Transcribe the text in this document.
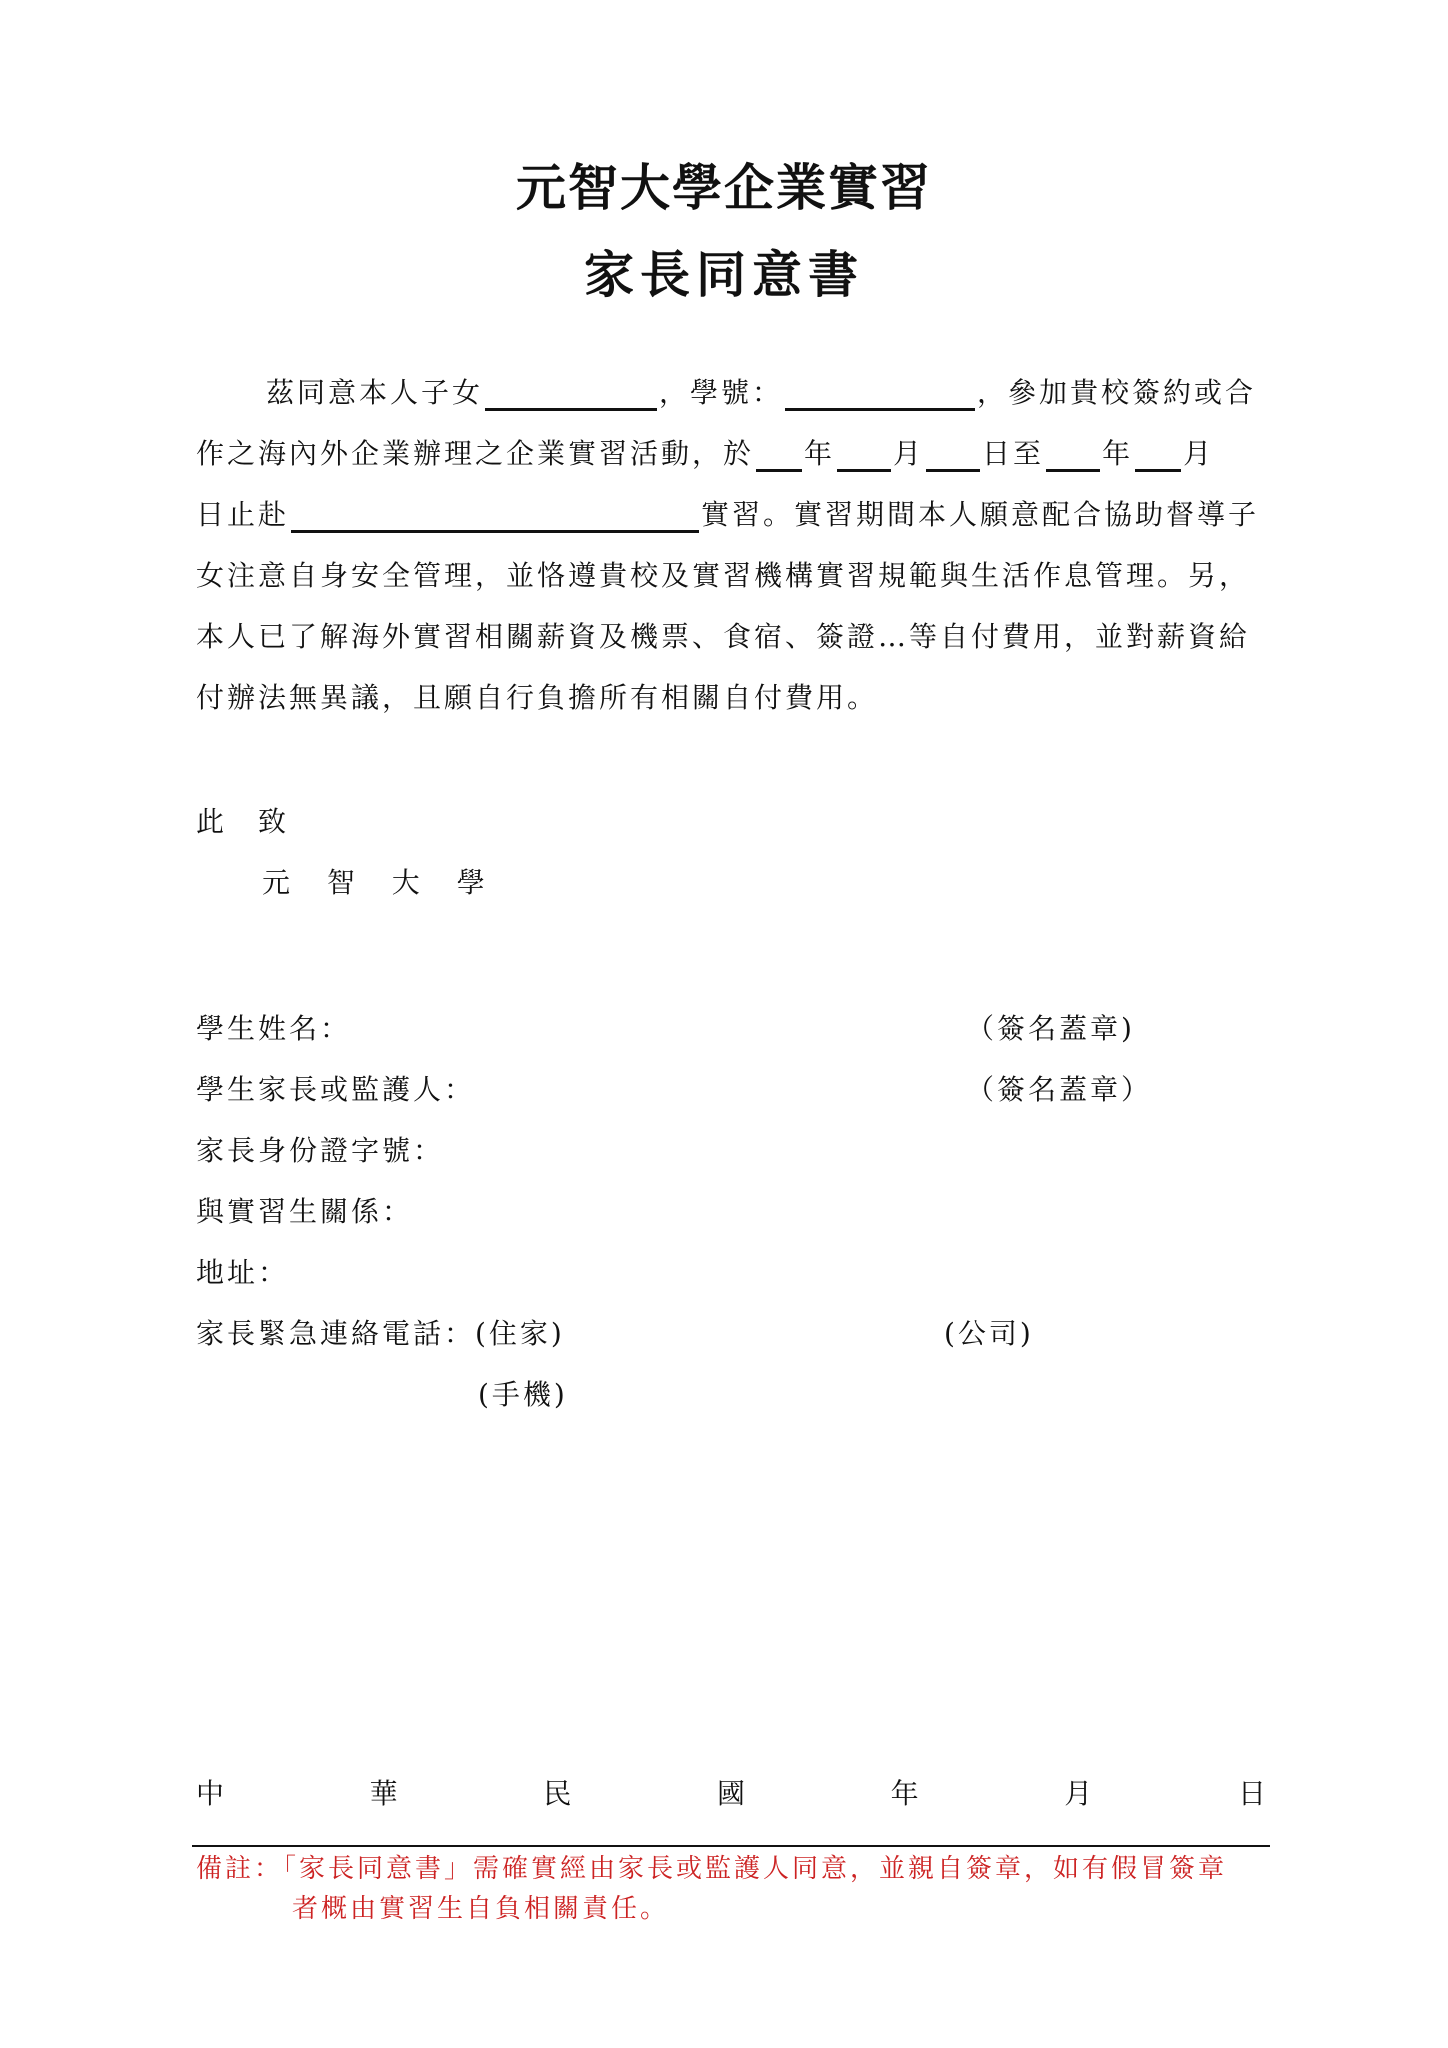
元智大學企業實習
家長同意書
茲同意本人子女	，學號：	，參加貴校簽約或合
作之海內外企業辦理之企業實習活動，於 年 月 日至 年 月
日止赴	實習。實習期間本人願意配合協助督導子
女注意自身安全管理，並恪遵貴校及實習機構實習規範與生活作息管理。另，
本人已了解海外實習相關薪資及機票、食宿、簽證…等自付費用，並對薪資給
付辦法無異議，且願自行負擔所有相關自付費用。
此　致
元 智 大 學
學生姓名：	（簽名蓋章)
學生家長或監護人：	（簽名蓋章）
家長身份證字號：
與實習生關係：
地址：
家長緊急連絡電話：(住家)	(公司)
(手機)
中	華	民	國	年	月	日
備註：「家長同意書」需確實經由家長或監護人同意，並親自簽章，如有假冒簽章
者概由實習生自負相關責任。
